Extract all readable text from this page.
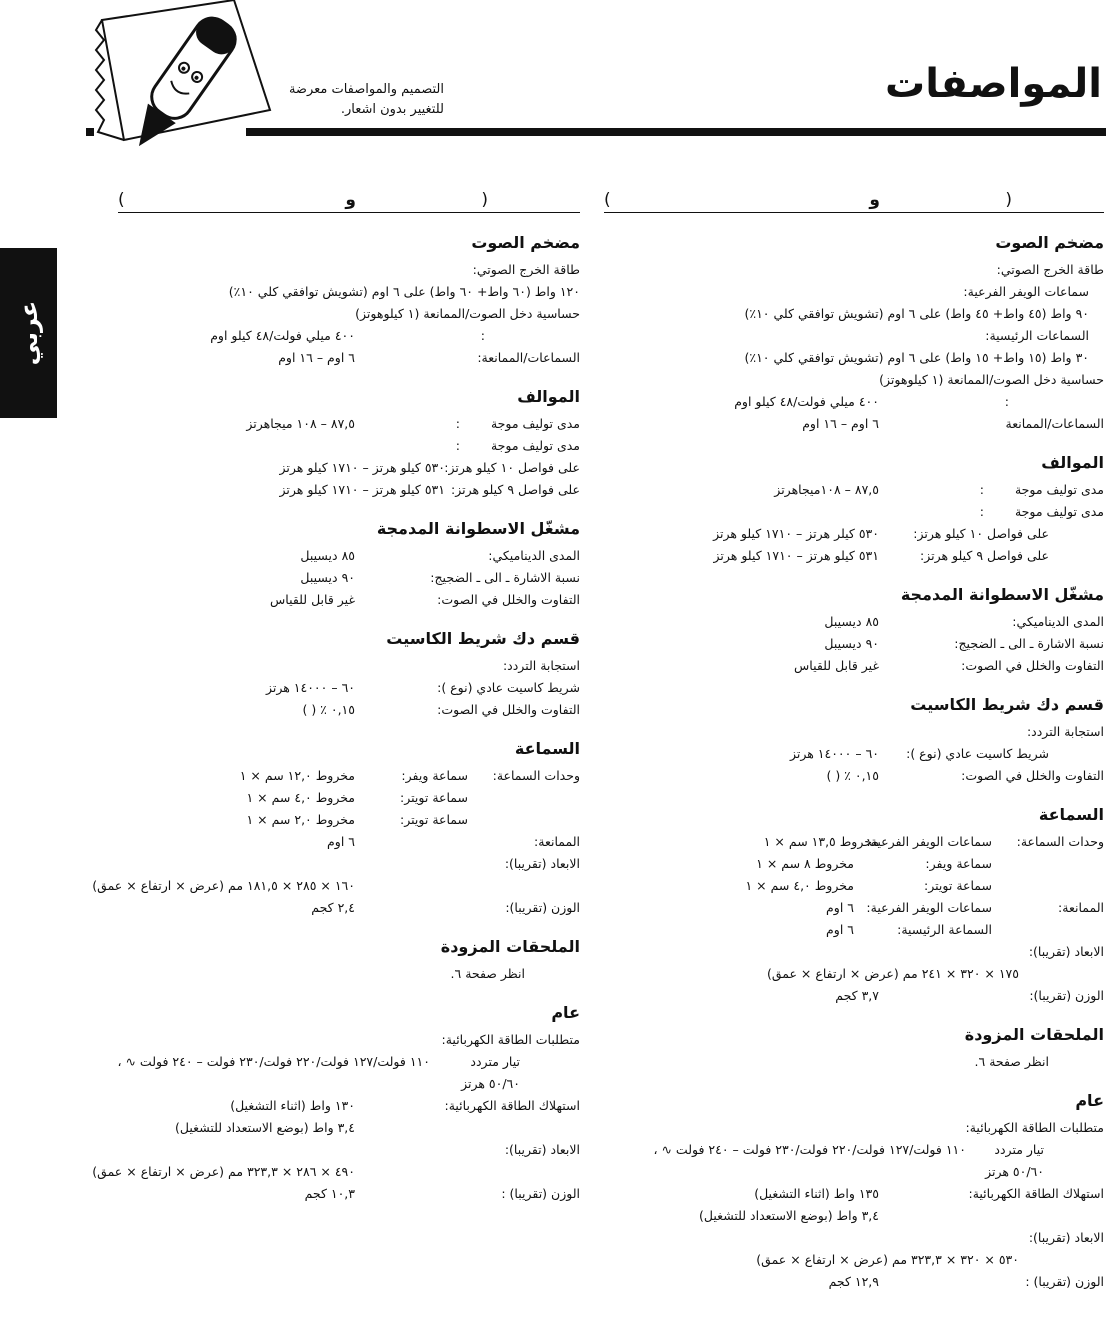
المواصفات
التصميم والمواصفات معرضة
للتغيير بدون اشعار.
عربي
(
و
)
مضخم الصوت
طاقة الخرج الصوتي:
١٢٠ واط (٦٠ واط+ ٦٠ واط) على ٦ اوم (تشويش توافقي كلي ١٠٪)
حساسية دخل الصوت/الممانعة (١ كيلوهوتز)
:
٤٠٠ ميلي فولت/٤٨ كيلو اوم
السماعات/الممانعة:
٦ اوم – ١٦ اوم
الموالف
مدى توليف موجة
:
٨٧,٥ – ١٠٨ ميجاهرتز
مدى توليف موجة
:
على فواصل ١٠ كيلو هرتز:
٥٣٠ كيلو هرتز – ١٧١٠ كيلو هرتز
على فواصل ٩ كيلو هرتز:
٥٣١ كيلو هرتز – ١٧١٠ كيلو هرتز
مشغّل الاسطوانة المدمجة
المدى الديناميكي:
٨٥ ديسيبل
نسبة الاشارة ـ الى ـ الضجيج:
٩٠ ديسيبل
التفاوت والخلل في الصوت:
غير قابل للقياس
قسم دك شريط الكاسيت
استجابة التردد:
شريط كاسيت عادي (نوع ):
٦٠ – ١٤٠٠٠ هرتز
التفاوت والخلل في الصوت:
٠,١٥ ٪ ( )
السماعة
وحدات السماعة:
سماعة ويفر:
مخروط ١٢,٠ سم × ١
سماعة تويتر:
مخروط ٤,٠ سم × ١
سماعة تويتر:
مخروط ٢,٠ سم × ١
الممانعة:
٦ اوم
الابعاد (تقريبا):
١٦٠ × ٢٨٥ × ١٨١,٥ مم (عرض × ارتفاع × عمق)
الوزن (تقريبا):
٢,٤ كجم
الملحقات المزودة
انظر صفحة ٦.
عام
متطلبات الطاقة الكهربائية:
تيار متردد
١١٠ فولت/١٢٧ فولت/٢٢٠ فولت/٢٣٠ فولت – ٢٤٠ فولت ∿ ،
٥٠/٦٠ هرتز
استهلاك الطاقة الكهربائية:
١٣٠ واط (اثناء التشغيل)
٣,٤ واط (بوضع الاستعداد للتشغيل)
الابعاد (تقريبا):
٤٩٠ × ٢٨٦ × ٣٢٣,٣ مم (عرض × ارتفاع × عمق)
الوزن (تقريبا) :
١٠,٣ كجم
(
و
)
مضخم الصوت
طاقة الخرج الصوتي:
سماعات الويفر الفرعية:
٩٠ واط (٤٥ واط+ ٤٥ واط) على ٦ اوم (تشويش توافقي كلي ١٠٪)
السماعات الرئيسية:
٣٠ واط (١٥ واط+ ١٥ واط) على ٦ اوم (تشويش توافقي كلي ١٠٪)
حساسية دخل الصوت/الممانعة (١ كيلوهوتز)
:
٤٠٠ ميلي فولت/٤٨ كيلو اوم
السماعات/الممانعة
٦ اوم – ١٦ اوم
الموالف
مدى توليف موجة
:
٨٧,٥ – ١٠٨ميجاهرتز
مدى توليف موجة
:
على فواصل ١٠ كيلو هرتز:
٥٣٠ كيلر هرتز – ١٧١٠ كيلو هرتز
على فواصل ٩ كيلو هرتز:
٥٣١ كيلو هرتز – ١٧١٠ كيلو هرتز
مشغّل الاسطوانة المدمجة
المدى الديناميكي:
٨٥ ديسيبل
نسبة الاشارة ـ الى ـ الضجيج:
٩٠ ديسيبل
التفاوت والخلل في الصوت:
غير قابل للقياس
قسم دك شريط الكاسيت
استجابة التردد:
شريط كاسيت عادي (نوع ):
٦٠ – ١٤٠٠٠ هرتز
التفاوت والخلل في الصوت:
٠,١٥ ٪ ( )
السماعة
وحدات السماعة:
سماعات الويفر الفرعية:
مخروط ١٣,٥ سم × ١
سماعة ويفر:
مخروط ٨ سم × ١
سماعة تويتر:
مخروط ٤,٠ سم × ١
الممانعة:
سماعات الويفر الفرعية:
٦ اوم
السماعة الرئيسية:
٦ اوم
الابعاد (تقريبا):
١٧٥ × ٣٢٠ × ٢٤١ مم (عرض × ارتفاع × عمق)
الوزن (تقريبا):
٣,٧ كجم
الملحقات المزودة
انظر صفحة ٦.
عام
متطلبات الطاقة الكهربائية:
تيار متردد
١١٠ فولت/١٢٧ فولت/٢٢٠ فولت/٢٣٠ فولت – ٢٤٠ فولت ∿ ،
٥٠/٦٠ هرتز
استهلاك الطاقة الكهربائية:
١٣٥ واط (اثناء التشغيل)
٣,٤ واط (بوضع الاستعداد للتشغيل)
الابعاد (تقريبا):
٥٣٠ × ٣٢٠ × ٣٢٣,٣ مم (عرض × ارتفاع × عمق)
الوزن (تقريبا) :
١٢,٩ كجم
